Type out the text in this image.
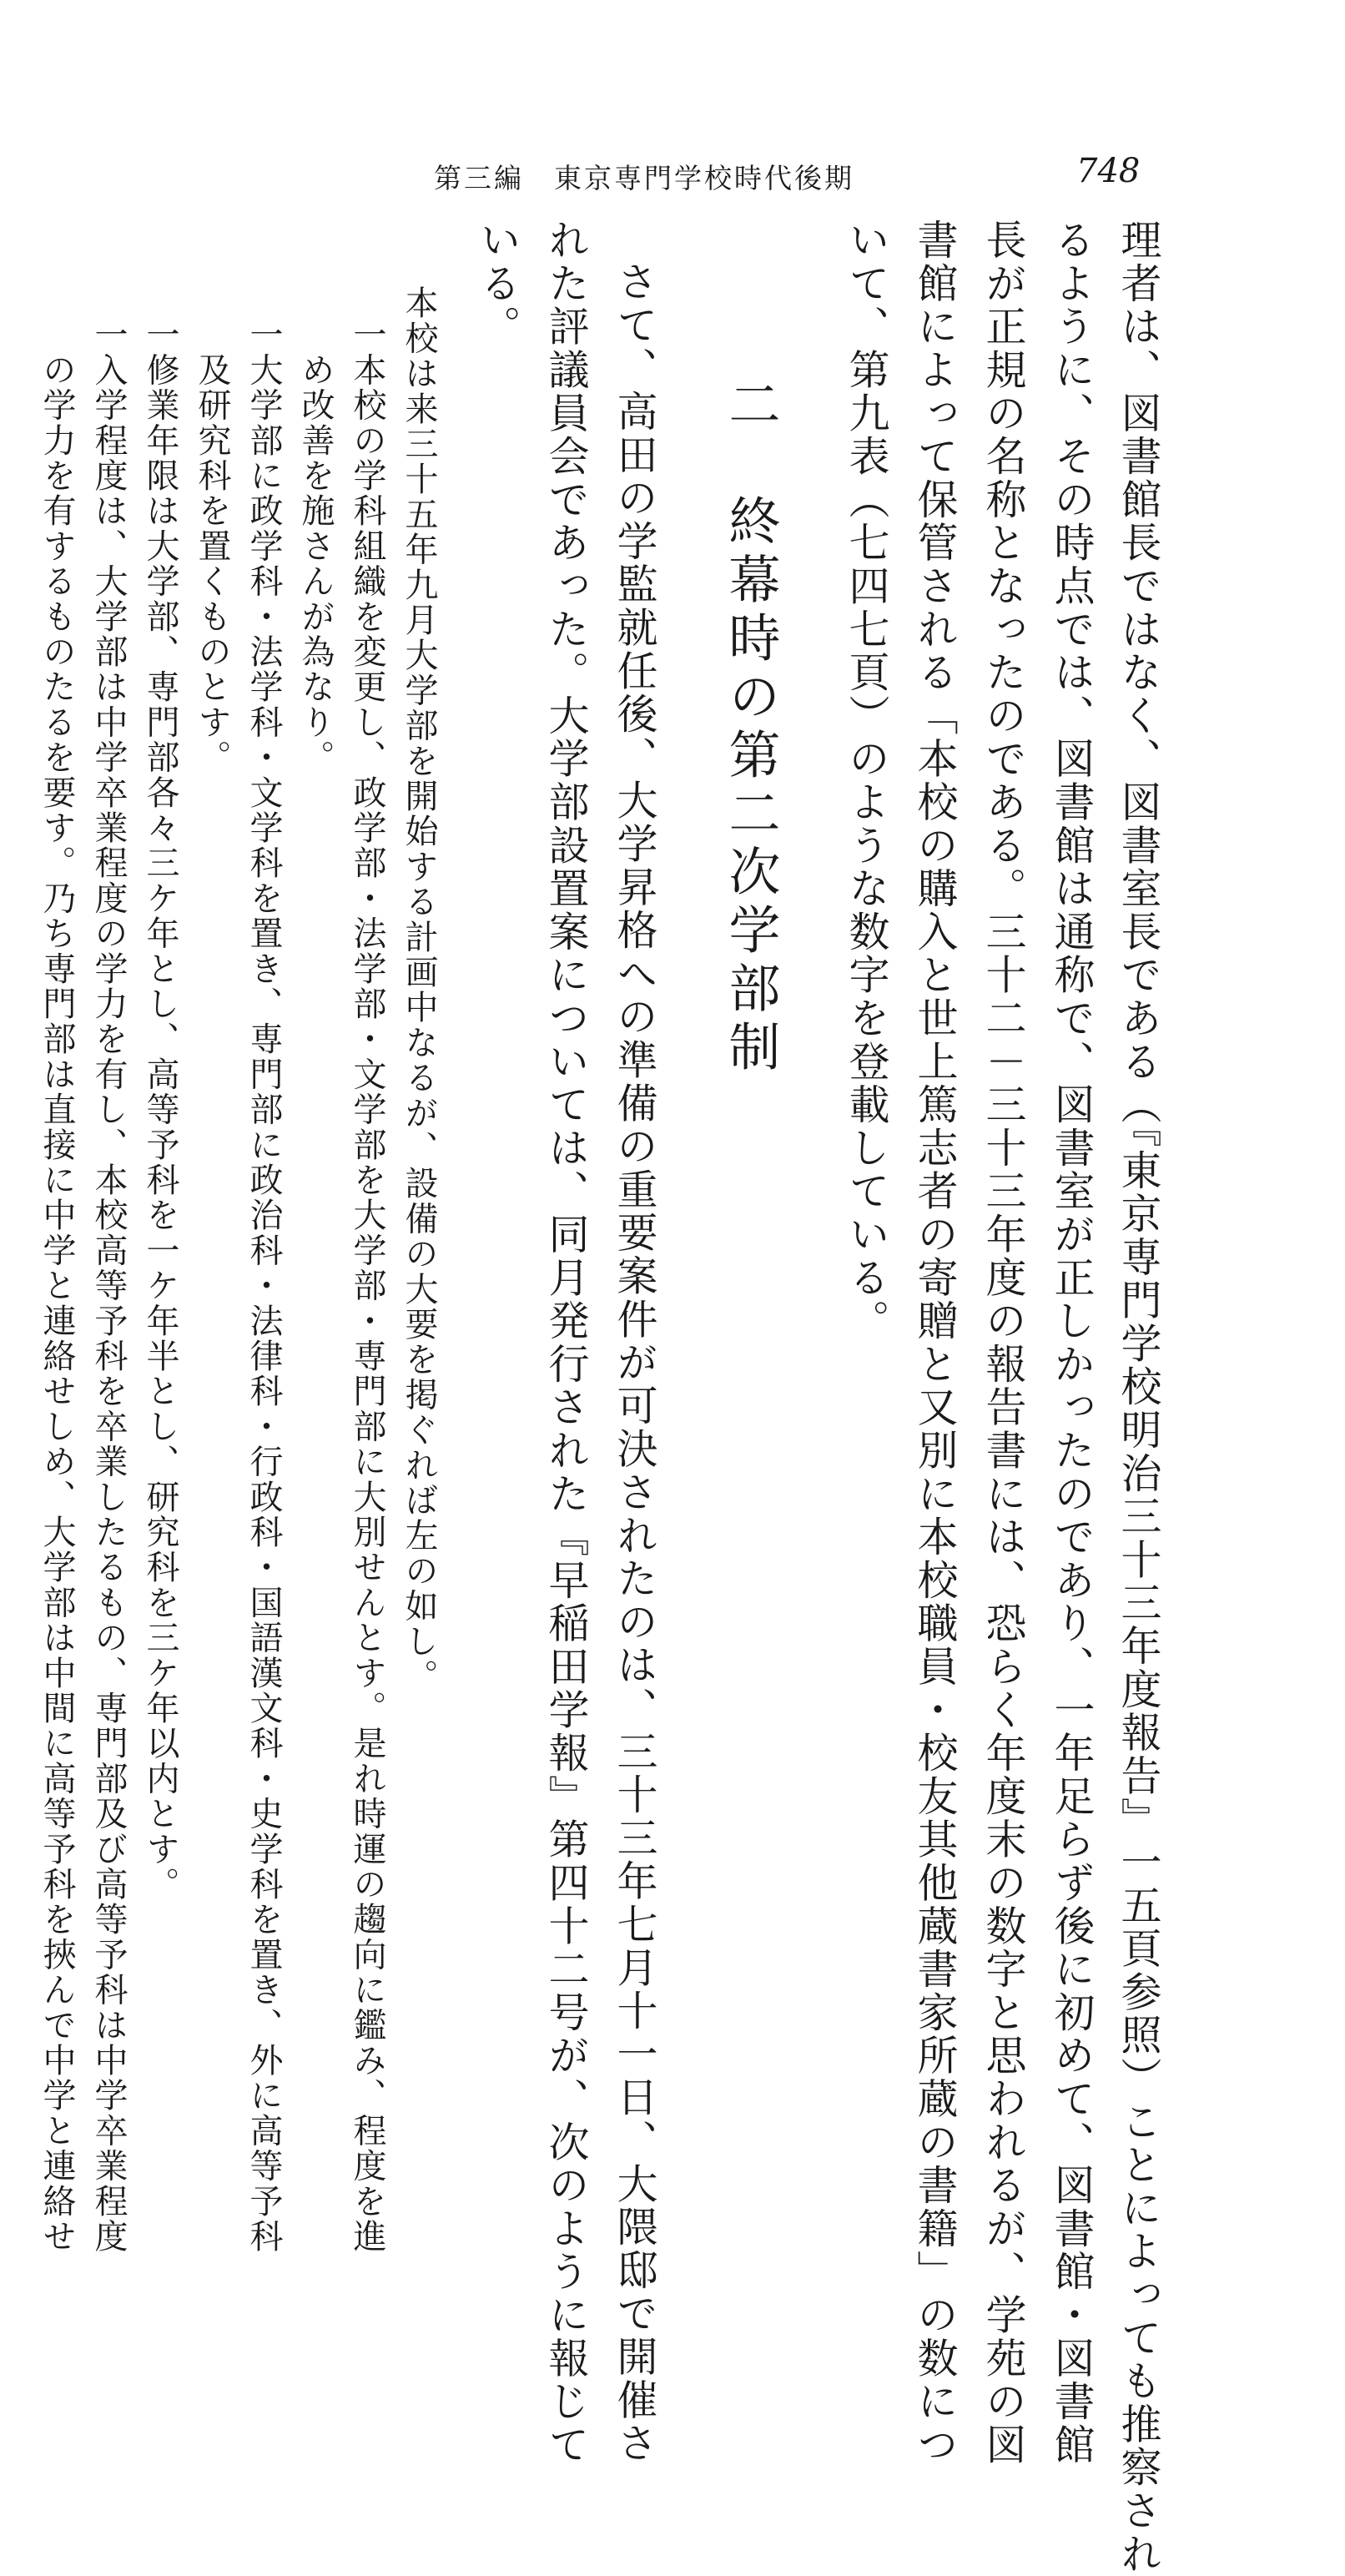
第三編　東京専門学校時代後期	748
理者は、図書館長ではなく、図書室長である（『東京専門学校明治三十三年度報告』一五頁参照）ことによっても推察され
るように、その時点では、図書館は通称で、図書室が正しかったのであり、一年足らず後に初めて、図書館・図書館
長が正規の名称となったのである。三十二－三十三年度の報告書には、恐らく年度末の数字と思われるが、学苑の図
書館によって保管される「本校の購入と世上篤志者の寄贈と又別に本校職員・校友其他蔵書家所蔵の書籍」の数につ
いて、第九表（七四七頁）のような数字を登載している。
二　終幕時の第二次学部制
さて、高田の学監就任後、大学昇格への準備の重要案件が可決されたのは、三十三年七月十一日、大隈邸で開催さ
れた評議員会であった。大学部設置案については、同月発行された『早稲田学報』第四十二号が、次のように報じて
いる。
本校は来三十五年九月大学部を開始する計画中なるが、設備の大要を掲ぐれば左の如し。
一本校の学科組織を変更し、政学部・法学部・文学部を大学部・専門部に大別せんとす。是れ時運の趨向に鑑み、程度を進
　め改善を施さんが為なり。
一大学部に政学科・法学科・文学科を置き、専門部に政治科・法律科・行政科・国語漢文科・史学科を置き、外に高等予科
　及研究科を置くものとす。
一修業年限は大学部、専門部各々三ケ年とし、高等予科を一ケ年半とし、研究科を三ケ年以内とす。
一入学程度は、大学部は中学卒業程度の学力を有し、本校高等予科を卒業したるもの、専門部及び高等予科は中学卒業程度
　の学力を有するものたるを要す。乃ち専門部は直接に中学と連絡せしめ、大学部は中間に高等予科を挾んで中学と連絡せ
